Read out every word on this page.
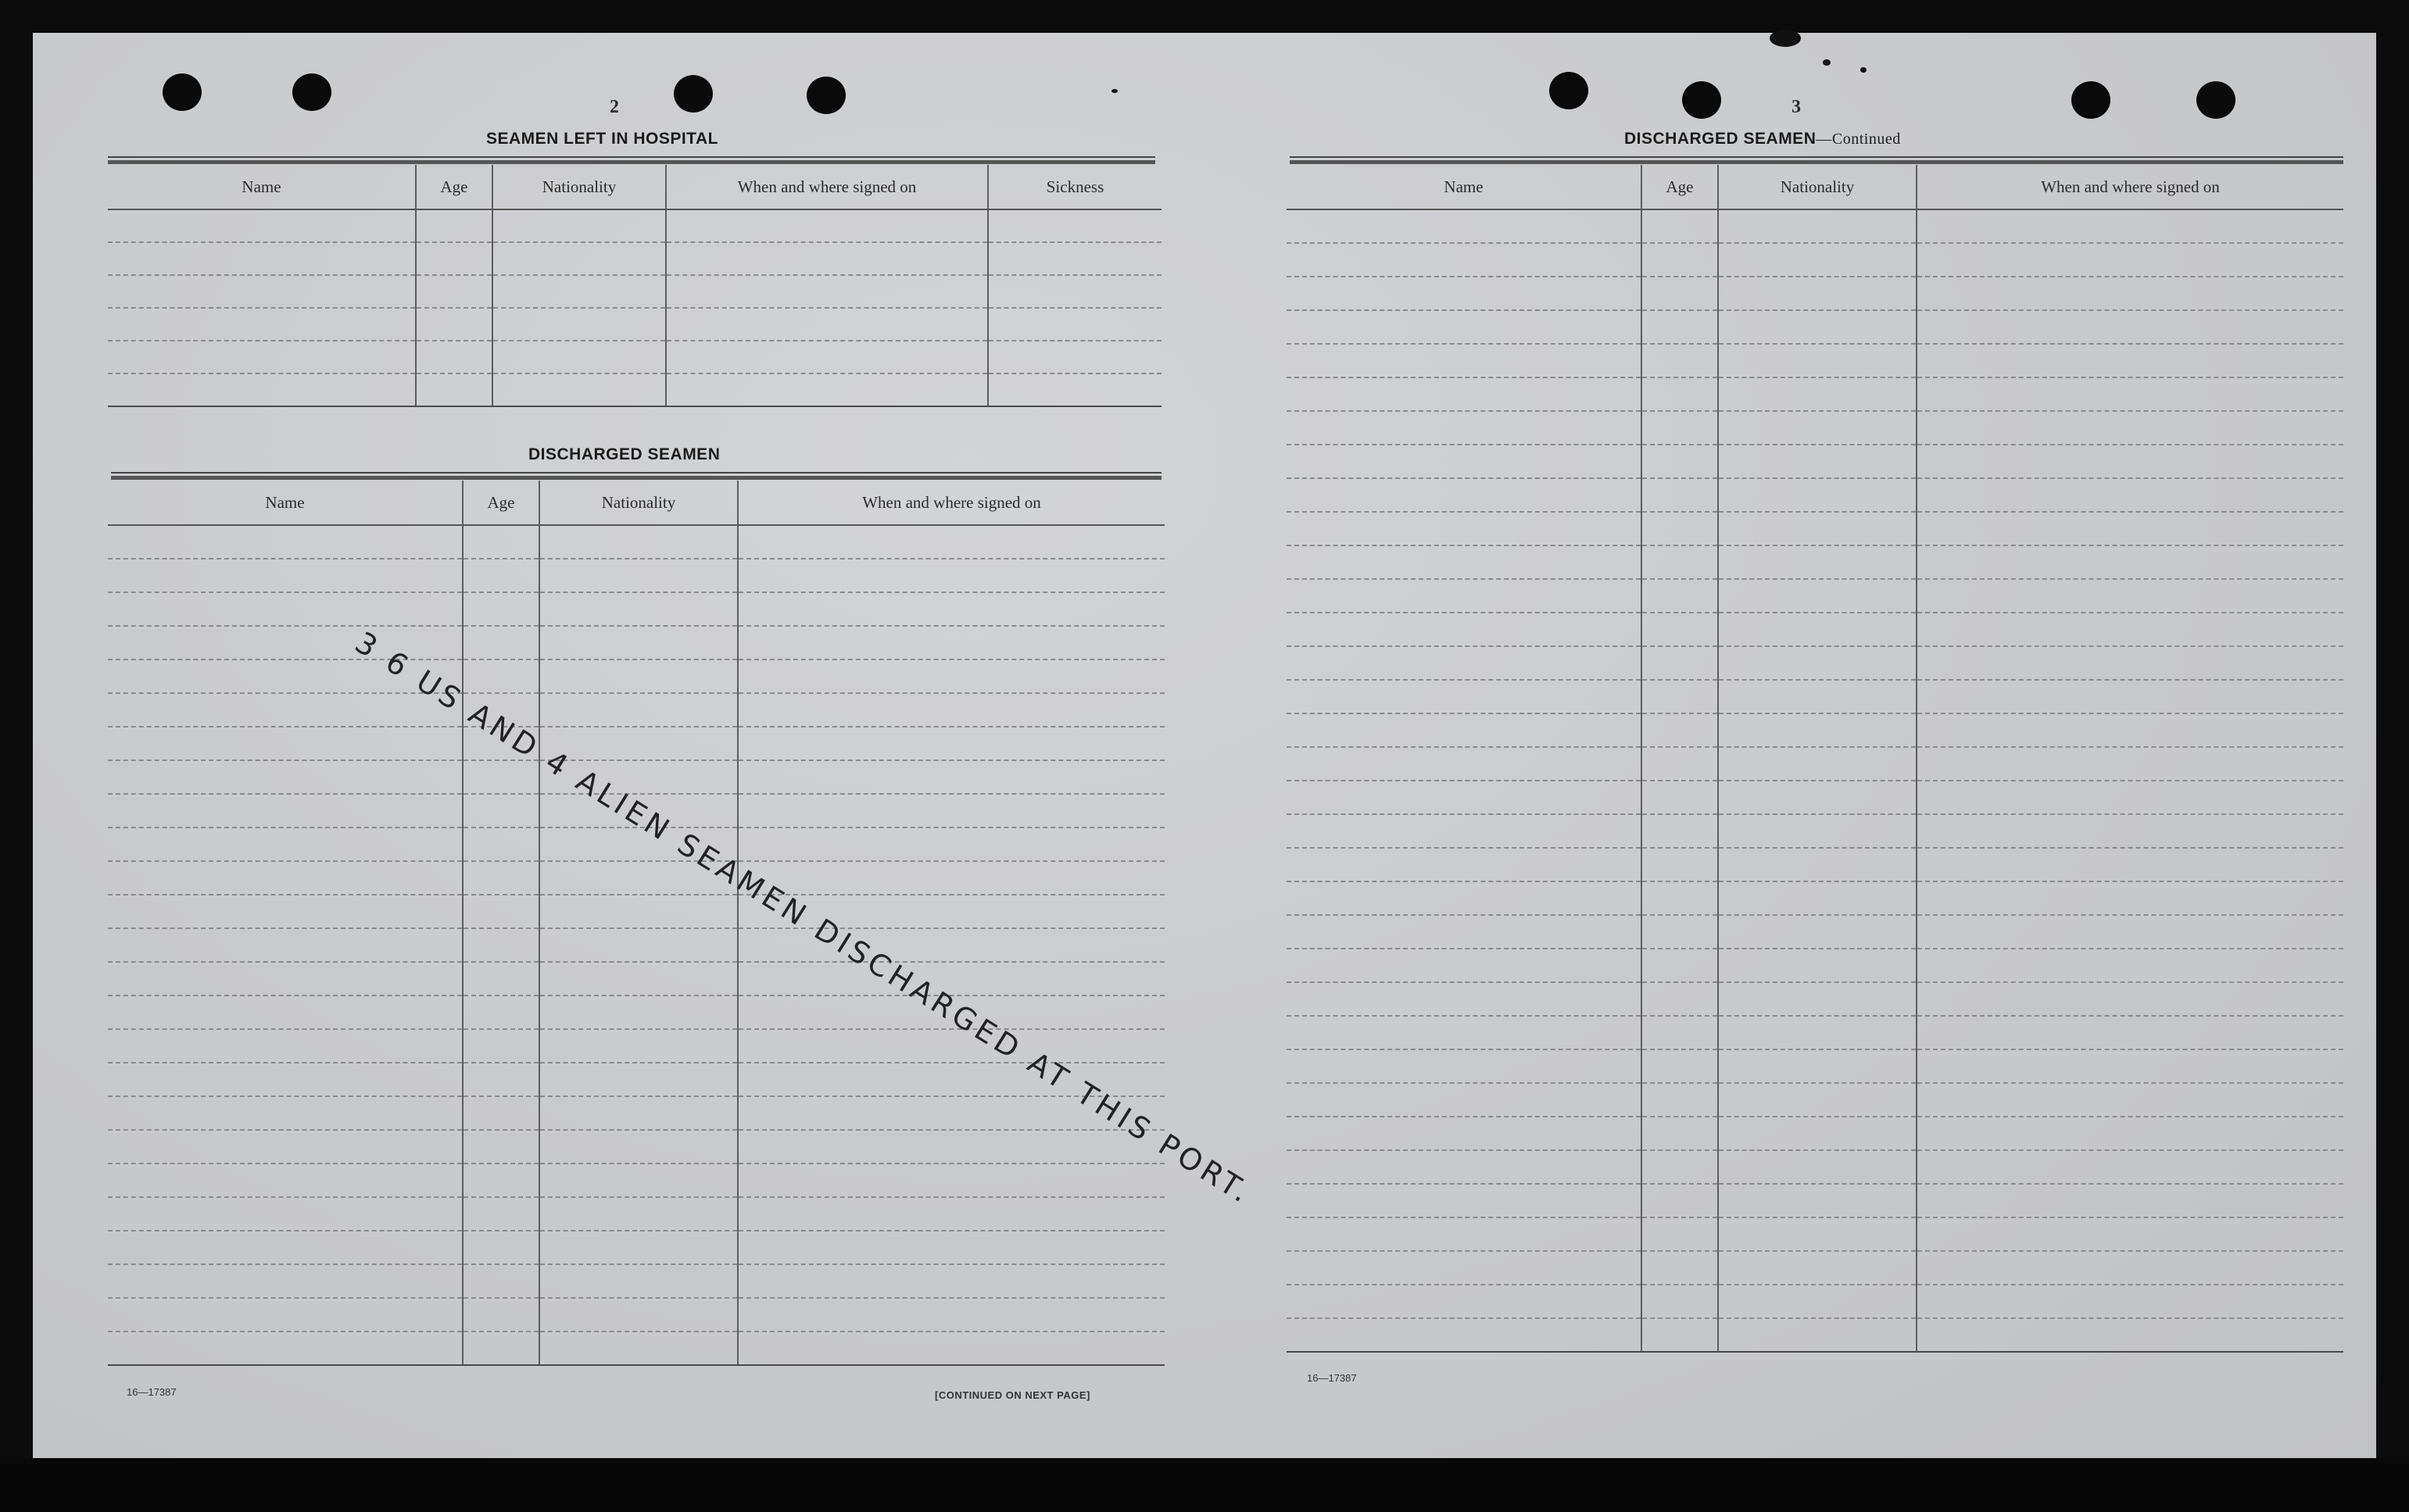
2
SEAMEN LEFT IN HOSPITAL
Name	Age	Nationality	When and where signed on	Sickness

DISCHARGED SEAMEN
Name	Age	Nationality	When and where signed on

3 6 US AND 4 ALIEN SEAMEN DISCHARGED AT THIS PORT.
16—17387	[CONTINUED ON NEXT PAGE]
3
DISCHARGED SEAMEN—Continued
Name	Age	Nationality	When and where signed on

16—17387
